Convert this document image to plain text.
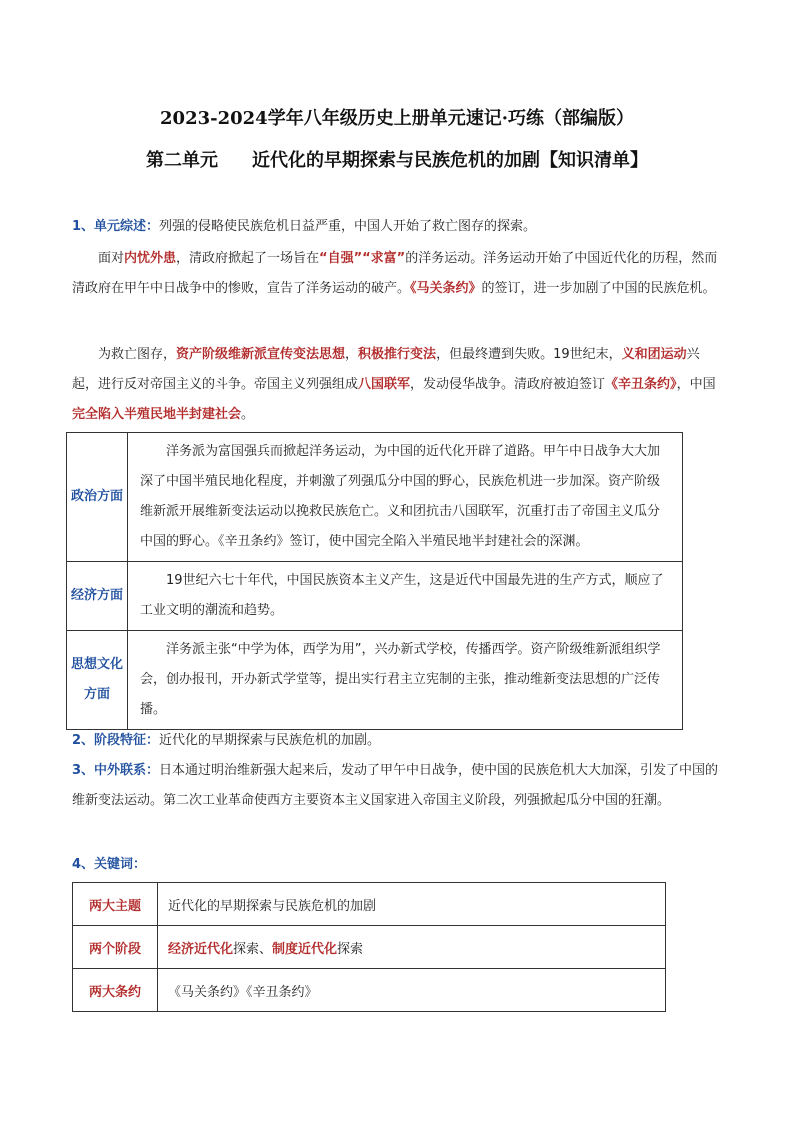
2023-2024学年八年级历史上册单元速记·巧练（部编版）
第二单元 近代化的早期探索与民族危机的加剧【知识清单】
1、单元综述：列强的侵略使民族危机日益严重，中国人开始了救亡图存的探索。
面对内忧外患，清政府掀起了一场旨在“自强”“求富”的洋务运动。洋务运动开始了中国近代化的历程，然而清政府在甲午中日战争中的惨败，宣告了洋务运动的破产。《马关条约》的签订，进一步加剧了中国的民族危机。
为救亡图存，资产阶级维新派宣传变法思想，积极推行变法，但最终遭到失败。19世纪末，义和团运动兴起，进行反对帝国主义的斗争。帝国主义列强组成八国联军，发动侵华战争。清政府被迫签订《辛丑条约》，中国完全陷入半殖民地半封建社会。
政治方面	洋务派为富国强兵而掀起洋务运动，为中国的近代化开辟了道路。甲午中日战争大大加深了中国半殖民地化程度，并刺激了列强瓜分中国的野心，民族危机进一步加深。资产阶级维新派开展维新变法运动以挽救民族危亡。义和团抗击八国联军，沉重打击了帝国主义瓜分中国的野心。《辛丑条约》签订，使中国完全陷入半殖民地半封建社会的深渊。
经济方面	19世纪六七十年代，中国民族资本主义产生，这是近代中国最先进的生产方式，顺应了工业文明的潮流和趋势。
思想文化方面	洋务派主张“中学为体，西学为用”，兴办新式学校，传播西学。资产阶级维新派组织学会，创办报刊，开办新式学堂等，提出实行君主立宪制的主张，推动维新变法思想的广泛传播。
2、阶段特征：近代化的早期探索与民族危机的加剧。
3、中外联系：日本通过明治维新强大起来后，发动了甲午中日战争，使中国的民族危机大大加深，引发了中国的维新变法运动。第二次工业革命使西方主要资本主义国家进入帝国主义阶段，列强掀起瓜分中国的狂潮。
4、关键词：
两大主题	近代化的早期探索与民族危机的加剧
两个阶段	经济近代化探索、制度近代化探索
两大条约	《马关条约》《辛丑条约》
